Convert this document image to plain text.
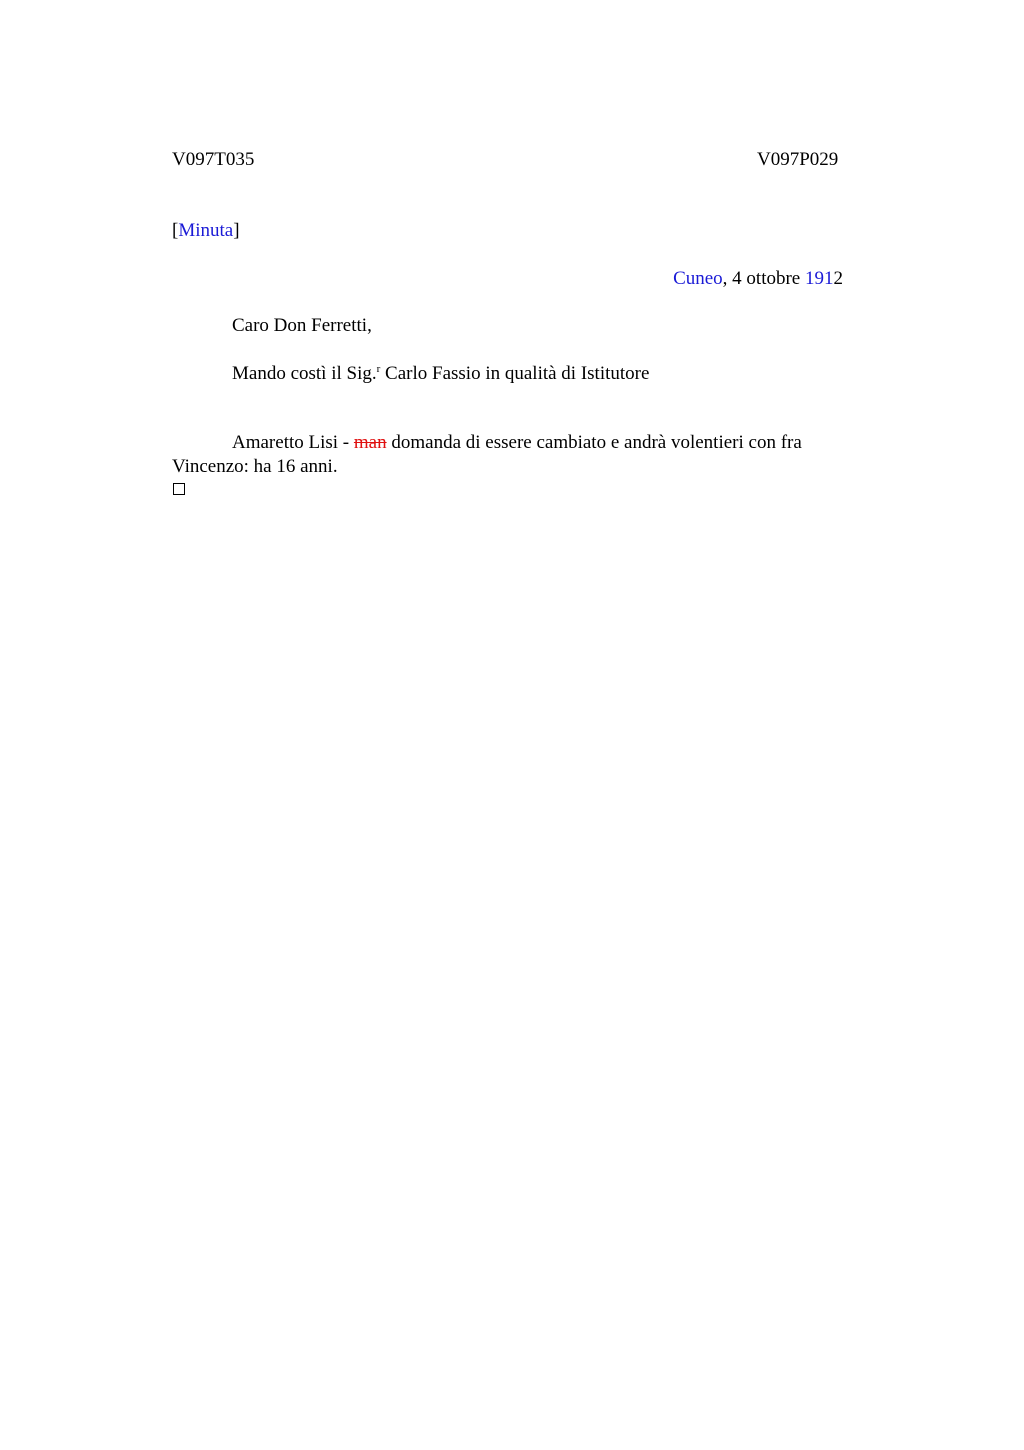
V097T035	V097P029
[Minuta]
Cuneo, 4 ottobre 1912
Caro Don Ferretti,
Mando costì il Sig.$^r$ Carlo Fassio in qualità di Istitutore
Amaretto Lisi - man domanda di essere cambiato e andrà volentieri con fra Vincenzo: ha 16 anni.
